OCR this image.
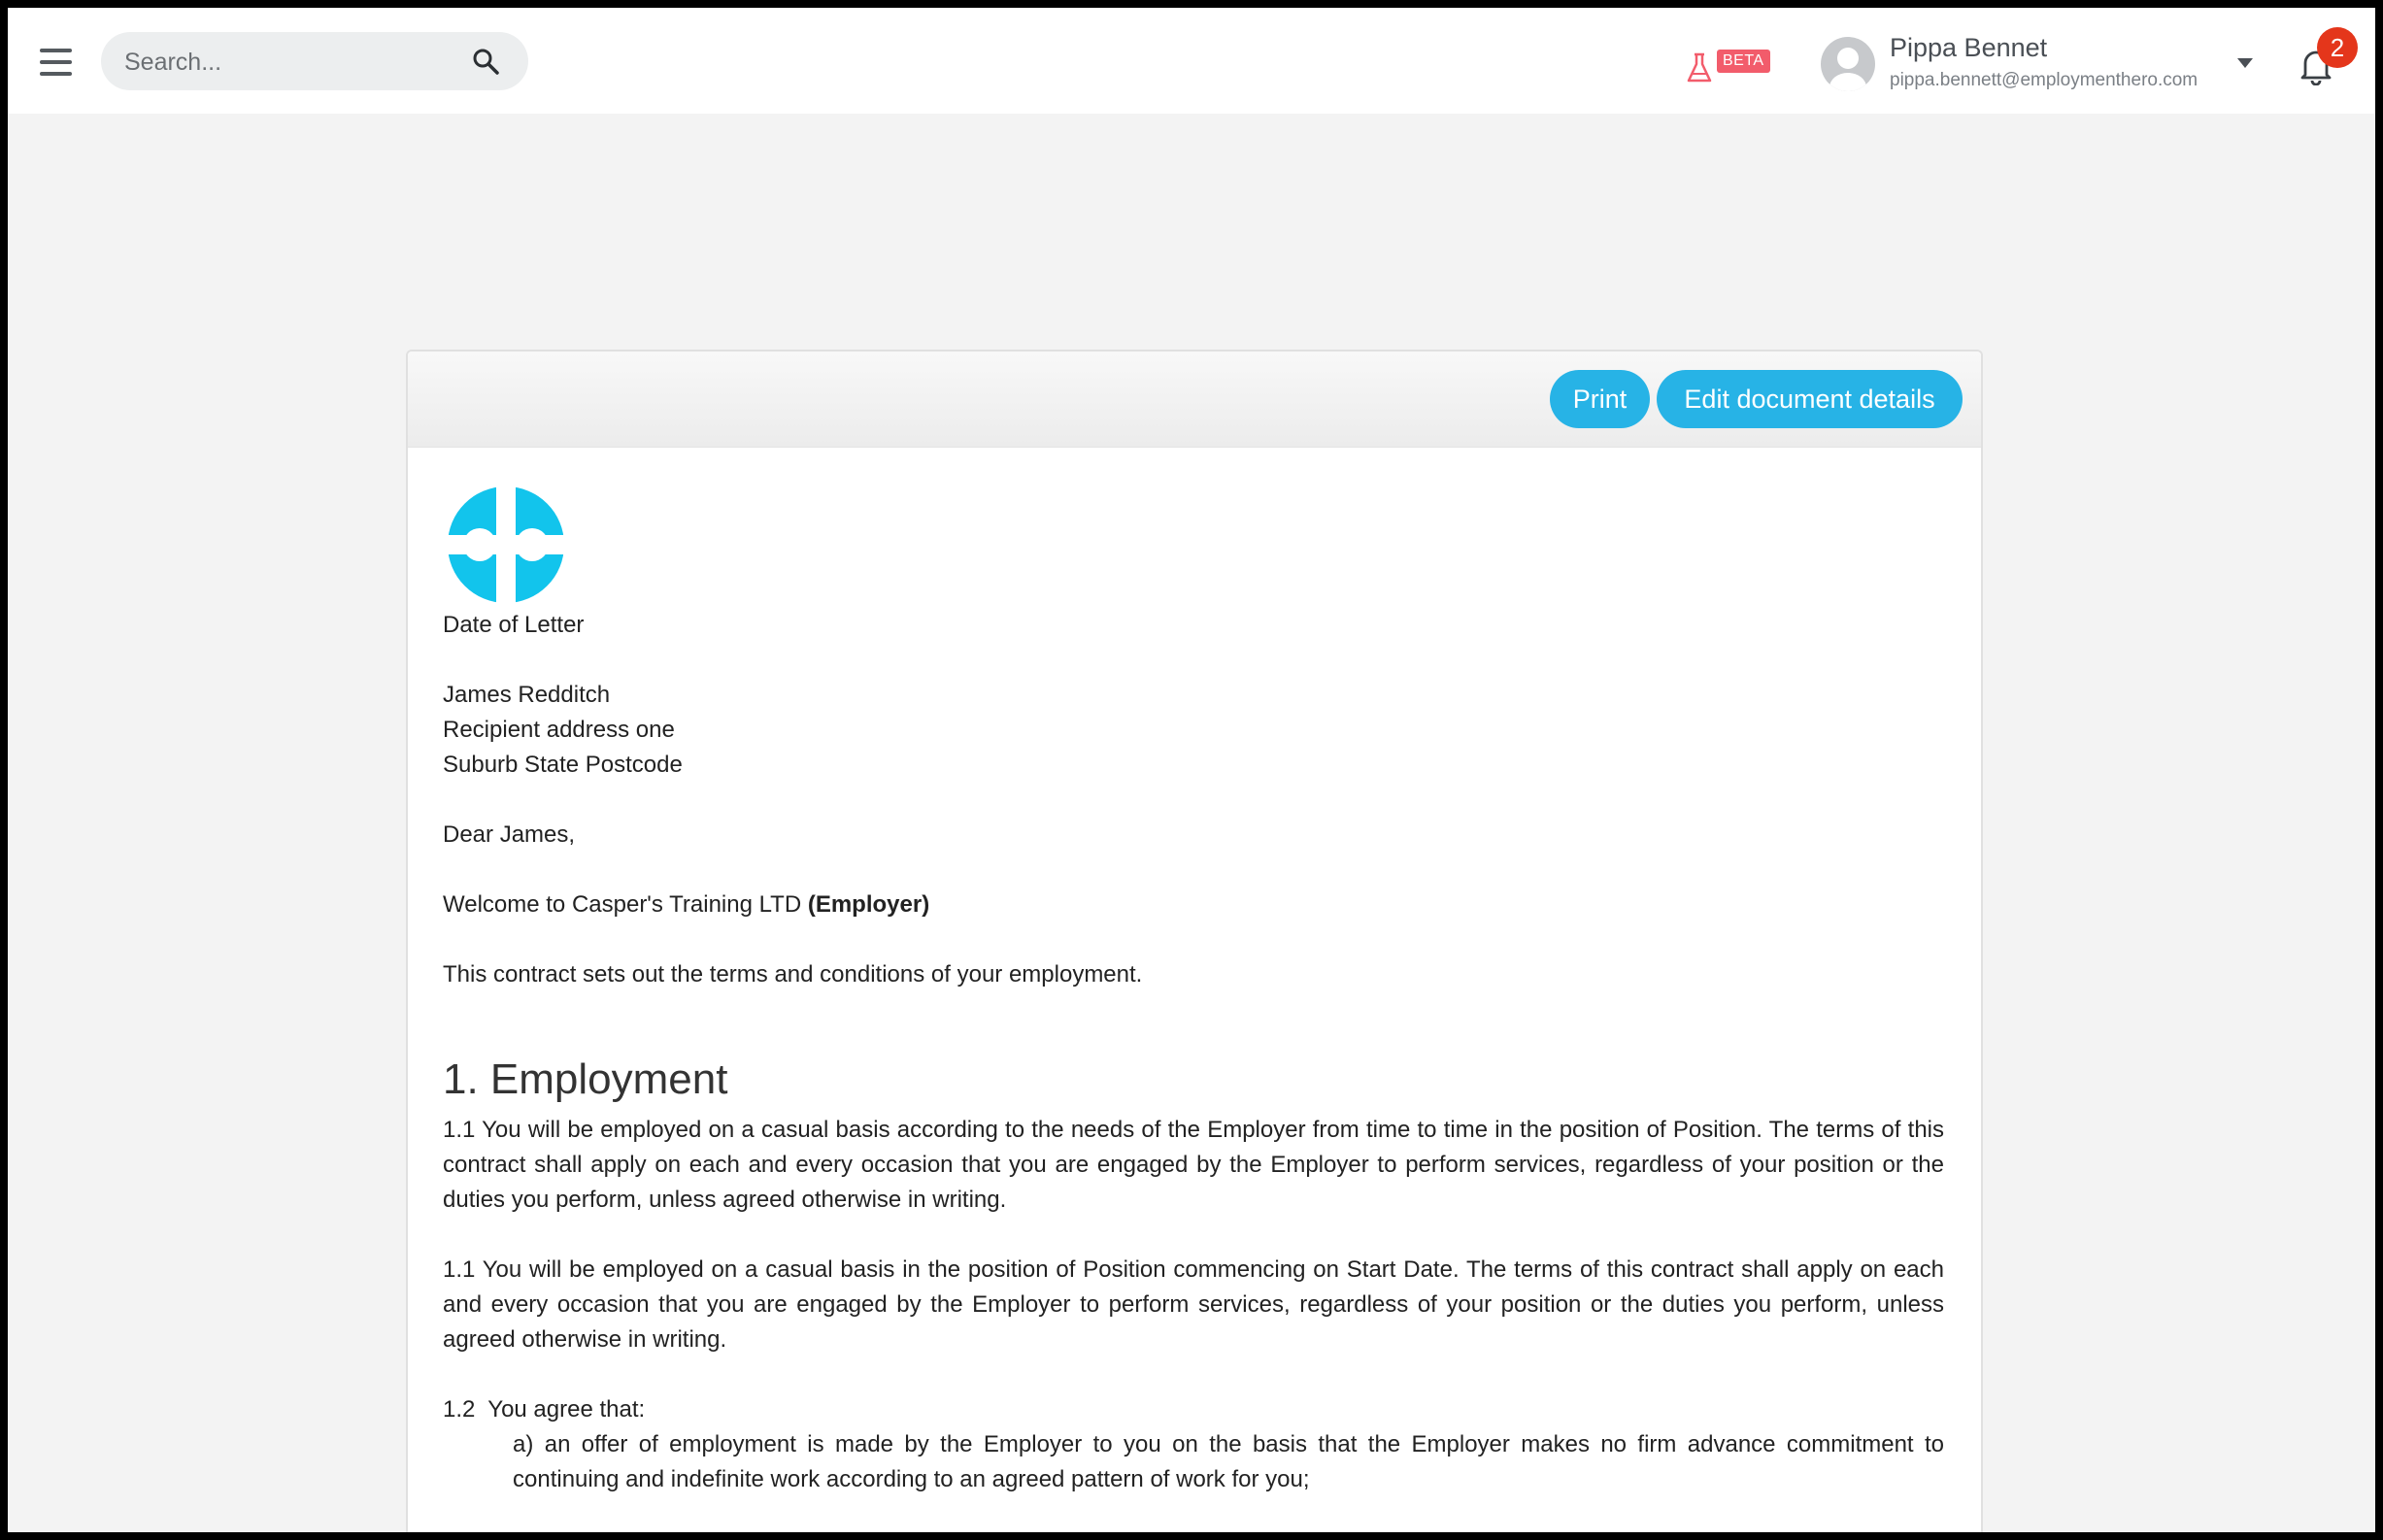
Search...
BETA	Pippa Bennet
pippa.bennett@employmenthero.com
2
Print	Edit document details

Date of Letter

James Redditch

Recipient address one

Suburb State Postcode

Dear James,

Welcome to Casper's Training LTD (Employer)

This contract sets out the terms and conditions of your employment.

1. Employment

1.1 You will be employed on a casual basis according to the needs of the Employer from time to time in the position of Position. The terms of this contract shall apply on each and every occasion that you are engaged by the Employer to perform services, regardless of your position or the duties you perform, unless agreed otherwise in writing.

1.1 You will be employed on a casual basis in the position of Position commencing on Start Date. The terms of this contract shall apply on each and every occasion that you are engaged by the Employer to perform services, regardless of your position or the duties you perform, unless agreed otherwise in writing.

1.2  You agree that:

a) an offer of employment is made by the Employer to you on the basis that the Employer makes no firm advance commitment to continuing and indefinite work according to an agreed pattern of work for you;
